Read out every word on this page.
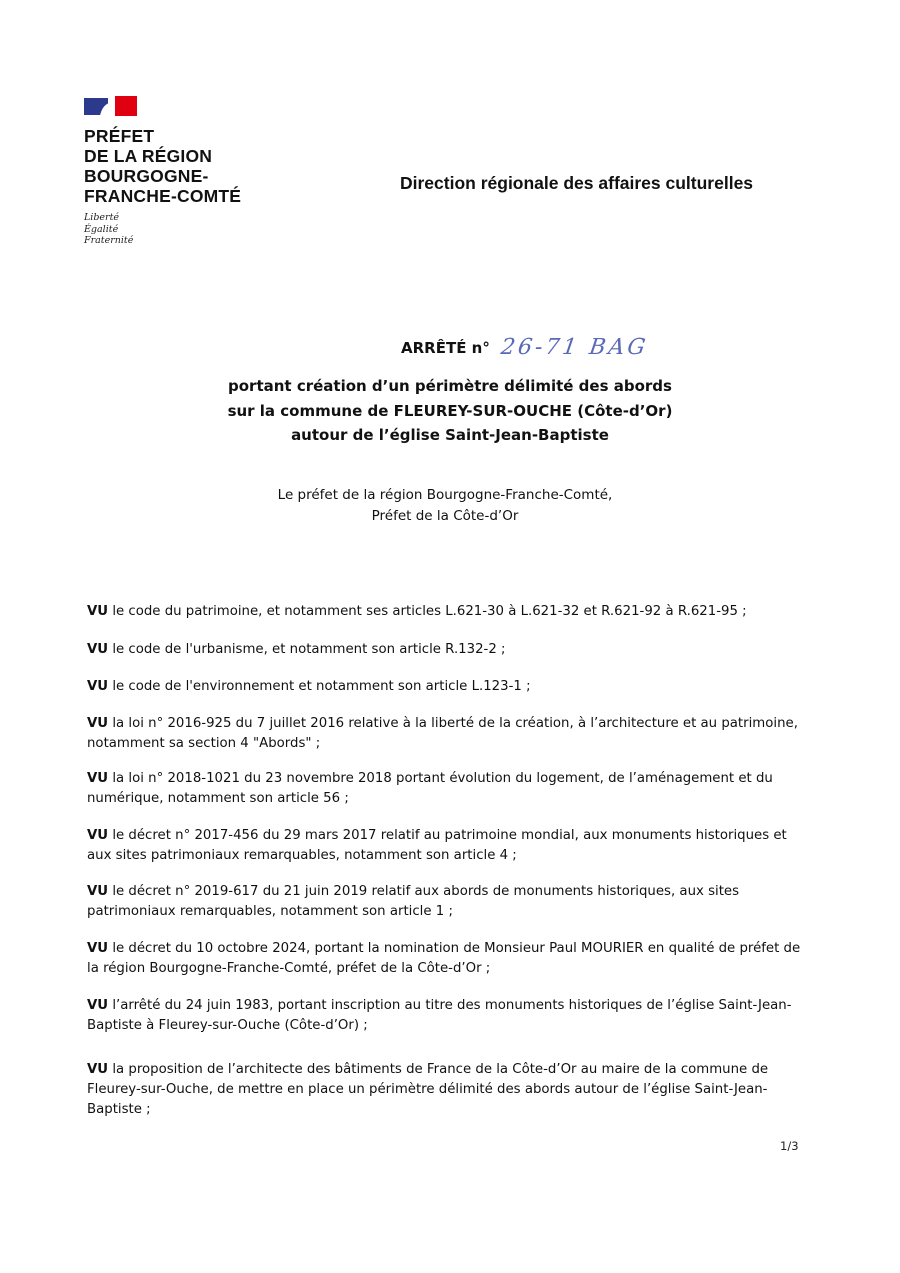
PRÉFET
DE LA RÉGION
BOURGOGNE-
FRANCHE-COMTÉ
Liberté
Égalité
Fraternité
Direction régionale des affaires culturelles
ARRÊTÉ n° 26-71 BAG
portant création d’un périmètre délimité des abords
sur la commune de FLEUREY-SUR-OUCHE (Côte-d’Or)
autour de l’église Saint-Jean-Baptiste
Le préfet de la région Bourgogne-Franche-Comté,
Préfet de la Côte-d’Or

VU le code du patrimoine, et notamment ses articles L.621-30 à L.621-32 et R.621-92 à R.621-95 ;

VU le code de l'urbanisme, et notamment son article R.132-2 ;

VU le code de l'environnement et notamment son article L.123-1 ;

VU la loi n° 2016-925 du 7 juillet 2016 relative à la liberté de la création, à l’architecture et au patrimoine, notamment sa section 4 "Abords" ;

VU la loi n° 2018-1021 du 23 novembre 2018 portant évolution du logement, de l’aménagement et du numérique, notamment son article 56 ;

VU le décret n° 2017-456 du 29 mars 2017 relatif au patrimoine mondial, aux monuments historiques et aux sites patrimoniaux remarquables, notamment son article 4 ;

VU le décret n° 2019-617 du 21 juin 2019 relatif aux abords de monuments historiques, aux sites patrimoniaux remarquables, notamment son article 1 ;

VU le décret du 10 octobre 2024, portant la nomination de Monsieur Paul MOURIER en qualité de préfet de la région Bourgogne-Franche-Comté, préfet de la Côte-d’Or ;

VU l’arrêté du 24 juin 1983, portant inscription au titre des monuments historiques de l’église Saint-Jean-Baptiste à Fleurey-sur-Ouche (Côte-d’Or) ;

VU la proposition de l’architecte des bâtiments de France de la Côte-d’Or au maire de la commune de Fleurey-sur-Ouche, de mettre en place un périmètre délimité des abords autour de l’église Saint-Jean-Baptiste ;

1/3
